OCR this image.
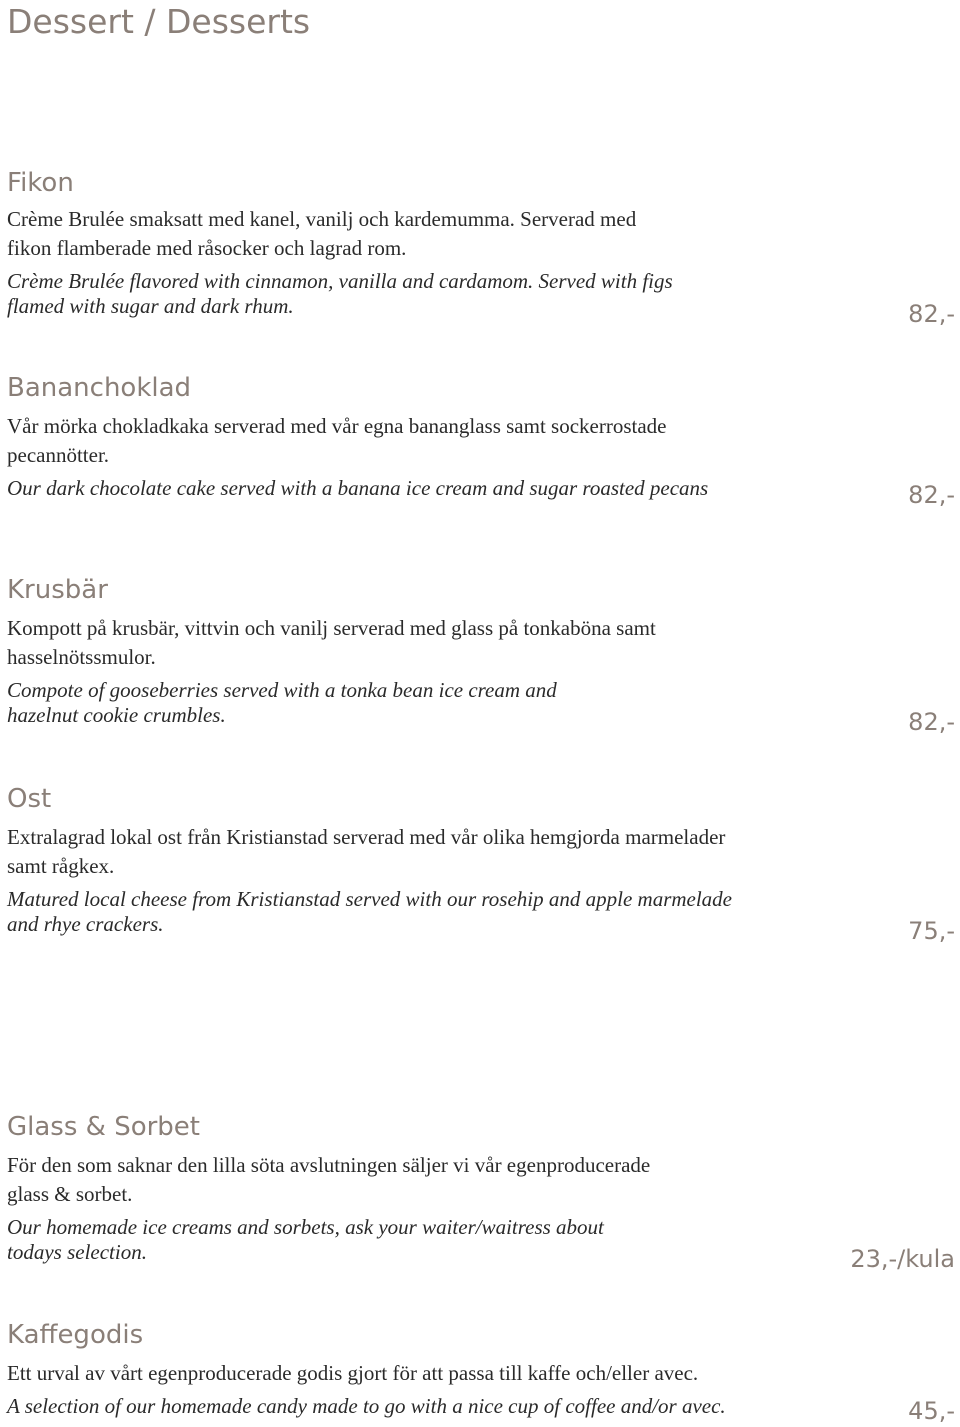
Dessert / Desserts
Fikon

Crème Brulée smaksatt med kanel, vanilj och kardemumma. Serverad med
fikon flamberade med råsocker och lagrad rom.

Crème Brulée flavored with cinnamon, vanilla and cardamom. Served with figs
flamed with sugar and dark rhum.	82,-
Bananchoklad

Vår mörka chokladkaka serverad med vår egna bananglass samt sockerrostade
pecannötter.

Our dark chocolate cake served with a banana ice cream and sugar roasted pecans	82,-
Krusbär

Kompott på krusbär, vittvin och vanilj serverad med glass på tonkaböna samt
hasselnötssmulor.

Compote of gooseberries served with a tonka bean ice cream and
hazelnut cookie crumbles.	82,-
Ost

Extralagrad lokal ost från Kristianstad serverad med vår olika hemgjorda marmelader
samt rågkex.

Matured local cheese from Kristianstad served with our rosehip and apple marmelade
and rhye crackers.	75,-
Glass & Sorbet

För den som saknar den lilla söta avslutningen säljer vi vår egenproducerade
glass & sorbet.

Our homemade ice creams and sorbets, ask your waiter/waitress about
todays selection.	23,-/kula
Kaffegodis

Ett urval av vårt egenproducerade godis gjort för att passa till kaffe och/eller avec.

A selection of our homemade candy made to go with a nice cup of coffee and/or avec.	45,-
